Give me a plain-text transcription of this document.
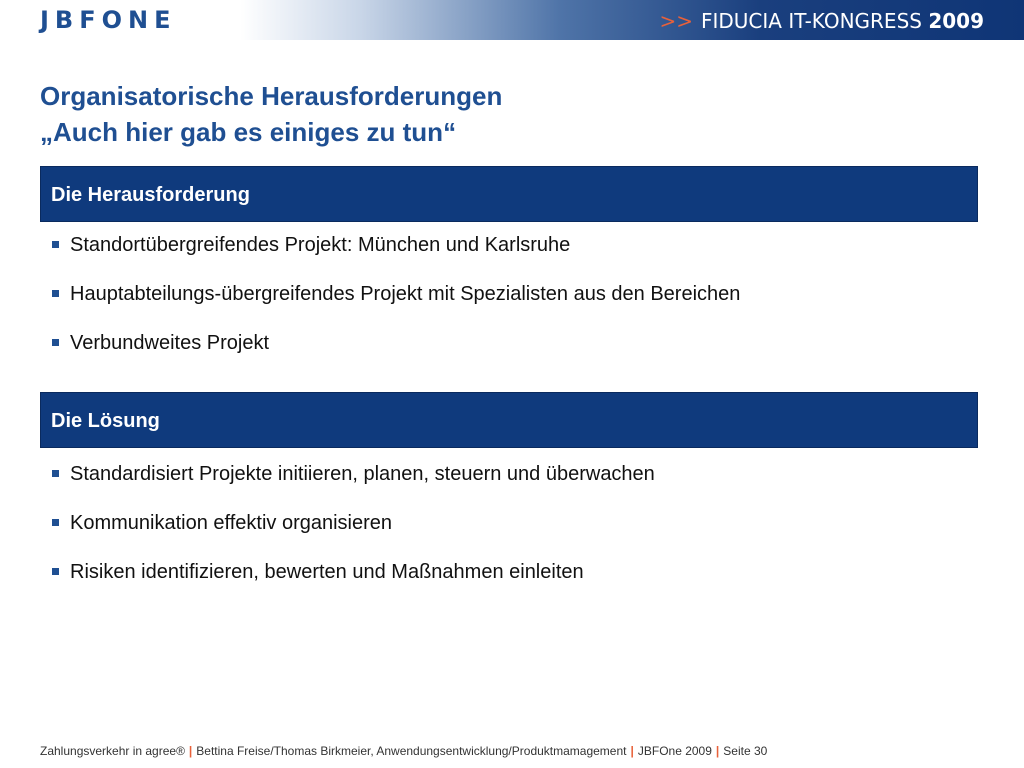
JBFONE	>> FIDUCIA IT-KONGRESS 2009
Organisatorische Herausforderungen
„Auch hier gab es einiges zu tun“
Die Herausforderung
Standortübergreifendes Projekt: München und Karlsruhe
Hauptabteilungs-übergreifendes Projekt mit Spezialisten aus den Bereichen
Verbundweites Projekt
Die Lösung
Standardisiert Projekte initiieren, planen, steuern und überwachen
Kommunikation effektiv organisieren
Risiken identifizieren, bewerten und Maßnahmen einleiten
Zahlungsverkehr in agree® | Bettina Freise/Thomas Birkmeier, Anwendungsentwicklung/Produktmamagement | JBFOne 2009 | Seite 30
